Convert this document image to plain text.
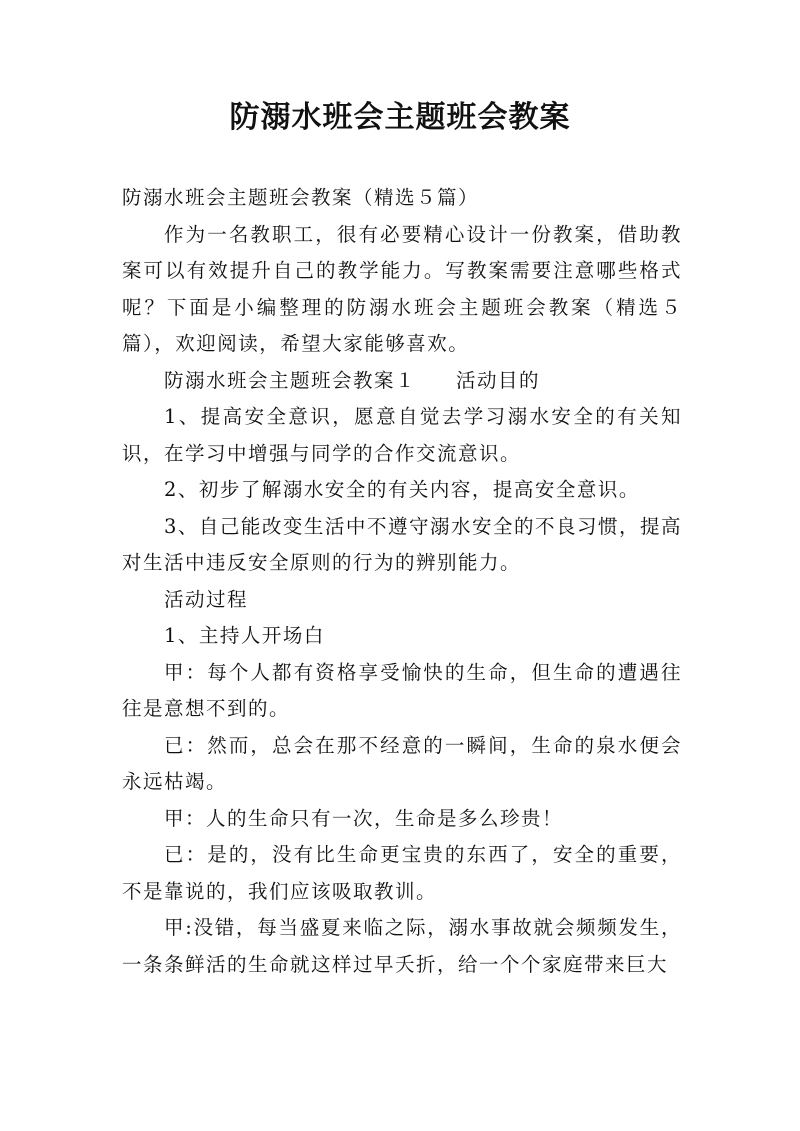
防溺水班会主题班会教案

防溺水班会主题班会教案（精选５篇）

作为一名教职工，很有必要精心设计一份教案，借助教案可以有效提升自己的教学能力。写教案需要注意哪些格式呢？下面是小编整理的防溺水班会主题班会教案（精选５篇），欢迎阅读，希望大家能够喜欢。

防溺水班会主题班会教案１ 活动目的

1、提高安全意识，愿意自觉去学习溺水安全的有关知识，在学习中增强与同学的合作交流意识。

2、初步了解溺水安全的有关内容，提高安全意识。

3、自己能改变生活中不遵守溺水安全的不良习惯，提高对生活中违反安全原则的行为的辨别能力。

活动过程

1、主持人开场白

甲：每个人都有资格享受愉快的生命，但生命的遭遇往往是意想不到的。

已：然而，总会在那不经意的一瞬间，生命的泉水便会永远枯竭。

甲：人的生命只有一次，生命是多么珍贵！

已：是的，没有比生命更宝贵的东西了，安全的重要，不是靠说的，我们应该吸取教训。

甲:没错，每当盛夏来临之际，溺水事故就会频频发生，一条条鲜活的生命就这样过早夭折，给一个个家庭带来巨大
